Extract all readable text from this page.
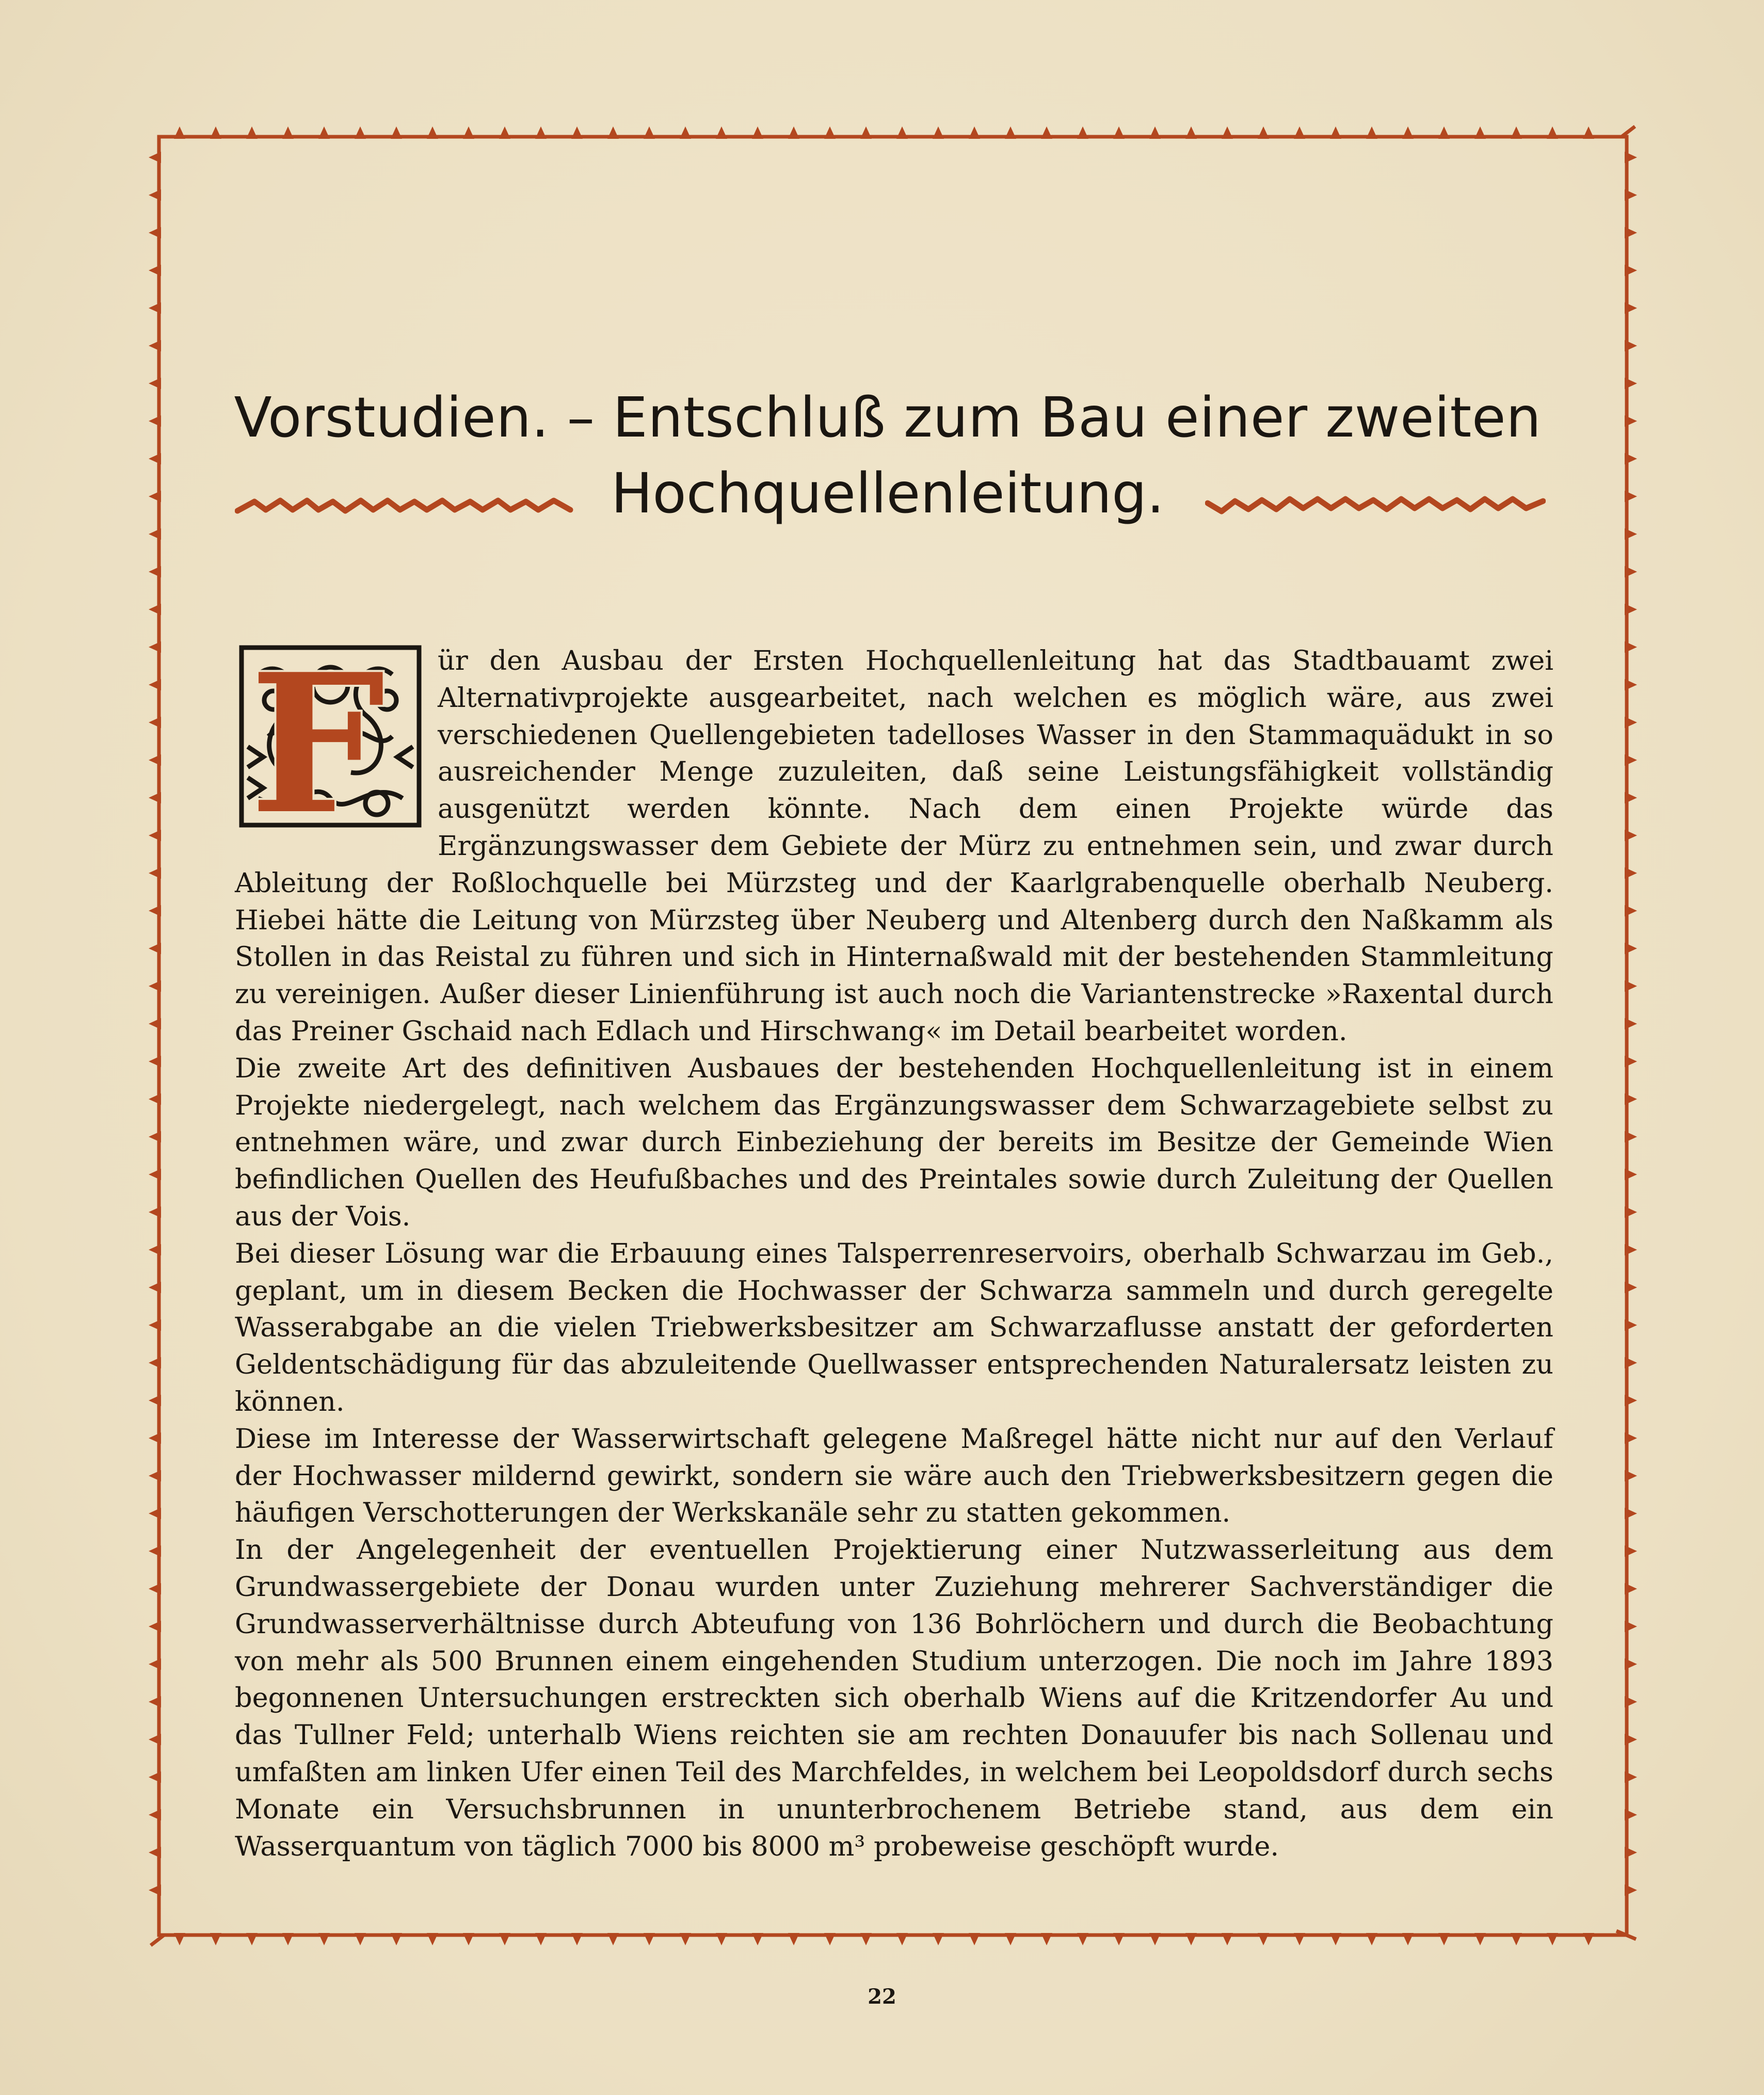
Vorstudien. – Entschluß zum Bau einer zweiten
Hochquellenleitung.
F	ür den Ausbau der Ersten Hochquellenleitung hat das Stadtbauamt zwei Alternativprojekte ausgearbeitet, nach welchen es möglich wäre, aus zwei verschiedenen Quellengebieten tadelloses Wasser in den Stammaquädukt in so ausreichender Menge zuzuleiten, daß seine Leistungsfähigkeit vollständig ausgenützt werden könnte. Nach dem einen Projekte würde das Ergänzungswasser dem Gebiete der Mürz zu entnehmen sein, und zwar durch Ableitung der Roßlochquelle bei Mürzsteg und der Kaarlgrabenquelle oberhalb Neuberg. Hiebei hätte die Leitung von Mürzsteg über Neuberg und Altenberg durch den Naßkamm als Stollen in das Reistal zu führen und sich in Hinternaßwald mit der bestehenden Stammleitung zu vereinigen. Außer dieser Linienführung ist auch noch die Variantenstrecke »Raxental durch das Preiner Gschaid nach Edlach und Hirschwang« im Detail bearbeitet worden.

Die zweite Art des definitiven Ausbaues der bestehenden Hochquellenleitung ist in einem Projekte niedergelegt, nach welchem das Ergänzungswasser dem Schwarzagebiete selbst zu entnehmen wäre, und zwar durch Einbeziehung der bereits im Besitze der Gemeinde Wien befindlichen Quellen des Heufußbaches und des Preintales sowie durch Zuleitung der Quellen aus der Vois.

Bei dieser Lösung war die Erbauung eines Talsperrenreservoirs, oberhalb Schwarzau im Geb., geplant, um in diesem Becken die Hochwasser der Schwarza sammeln und durch geregelte Wasserabgabe an die vielen Triebwerksbesitzer am Schwarzaflusse anstatt der geforderten Geldentschädigung für das abzuleitende Quellwasser entsprechenden Naturalersatz leisten zu können.

Diese im Interesse der Wasserwirtschaft gelegene Maßregel hätte nicht nur auf den Verlauf der Hochwasser mildernd gewirkt, sondern sie wäre auch den Triebwerksbesitzern gegen die häufigen Verschotterungen der Werkskanäle sehr zu statten gekommen.

In der Angelegenheit der eventuellen Projektierung einer Nutzwasserleitung aus dem Grundwassergebiete der Donau wurden unter Zuziehung mehrerer Sachverständiger die Grundwasserverhältnisse durch Abteufung von 136 Bohrlöchern und durch die Beobachtung von mehr als 500 Brunnen einem eingehenden Studium unterzogen. Die noch im Jahre 1893 begonnenen Untersuchungen erstreckten sich oberhalb Wiens auf die Kritzendorfer Au und das Tullner Feld; unterhalb Wiens reichten sie am rechten Donauufer bis nach Sollenau und umfaßten am linken Ufer einen Teil des Marchfeldes, in welchem bei Leopoldsdorf durch sechs Monate ein Versuchsbrunnen in ununterbrochenem Betriebe stand, aus dem ein Wasserquantum von täglich 7000 bis 8000 m³ probeweise geschöpft wurde.

22
